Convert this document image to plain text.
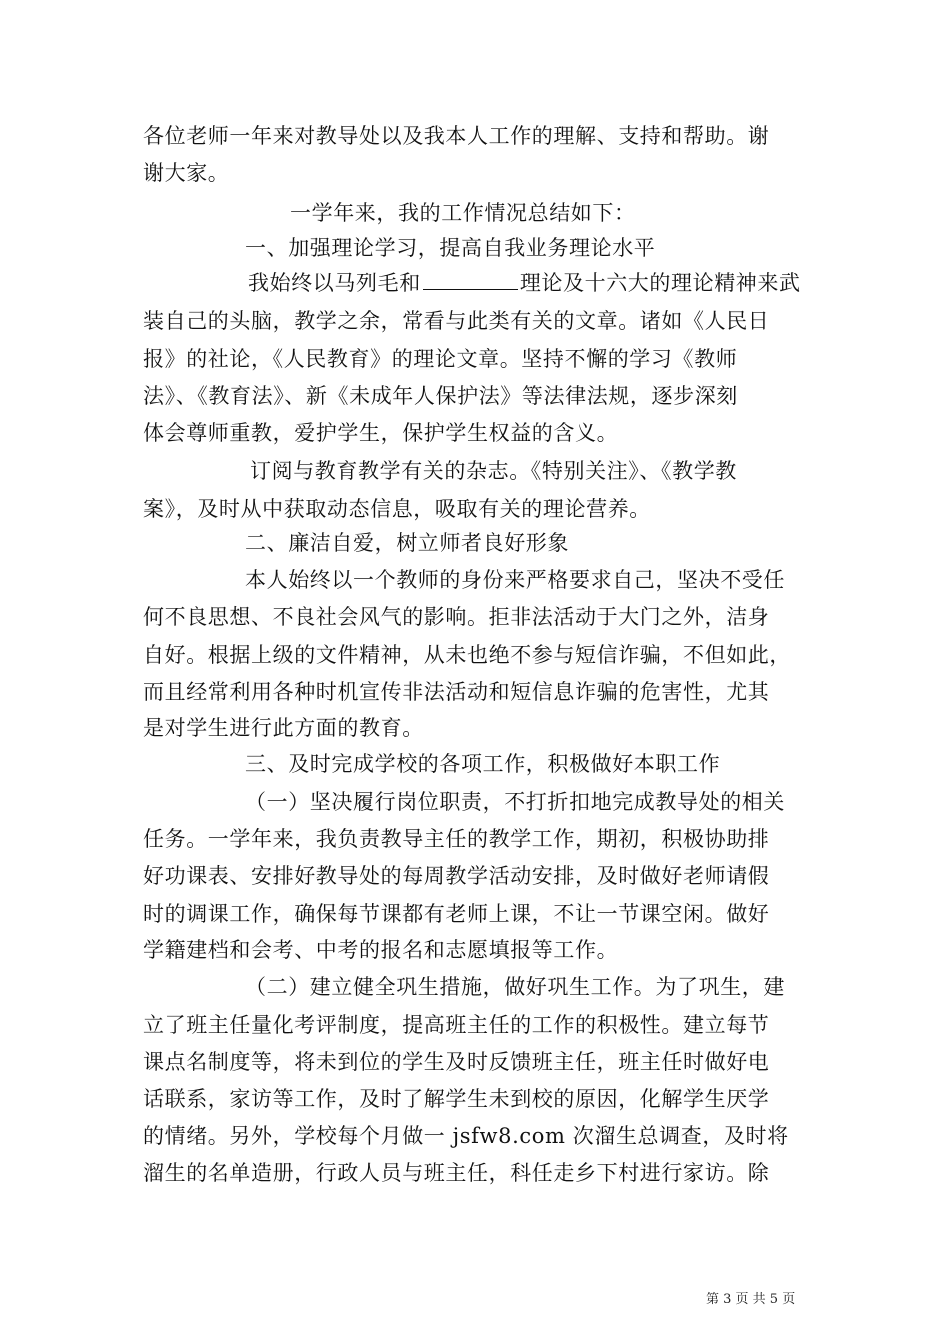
各位老师一年来对教导处以及我本人工作的理解、支持和帮助。谢
谢大家。
一学年来，我的工作情况总结如下：
一、加强理论学习，提高自我业务理论水平
我始终以马列毛和	理论及十六大的理论精神来武
装自己的头脑，教学之余，常看与此类有关的文章。诸如《人民日
报》的社论，《人民教育》的理论文章。坚持不懈的学习《教师
法》、《教育法》、新《未成年人保护法》等法律法规，逐步深刻
体会尊师重教，爱护学生，保护学生权益的含义。
订阅与教育教学有关的杂志。《特别关注》、《教学教
案》，及时从中获取动态信息，吸取有关的理论营养。
二、廉洁自爱，树立师者良好形象
本人始终以一个教师的身份来严格要求自己，坚决不受任
何不良思想、不良社会风气的影响。拒非法活动于大门之外，洁身
自好。根据上级的文件精神，从未也绝不参与短信诈骗，不但如此，
而且经常利用各种时机宣传非法活动和短信息诈骗的危害性，尤其
是对学生进行此方面的教育。
三、及时完成学校的各项工作，积极做好本职工作
（一）坚决履行岗位职责，不打折扣地完成教导处的相关
任务。一学年来，我负责教导主任的教学工作，期初，积极协助排
好功课表、安排好教导处的每周教学活动安排，及时做好老师请假
时的调课工作，确保每节课都有老师上课，不让一节课空闲。做好
学籍建档和会考、中考的报名和志愿填报等工作。
（二）建立健全巩生措施，做好巩生工作。为了巩生，建
立了班主任量化考评制度，提高班主任的工作的积极性。建立每节
课点名制度等，将未到位的学生及时反馈班主任，班主任时做好电
话联系，家访等工作，及时了解学生未到校的原因，化解学生厌学
的情绪。另外，学校每个月做一 jsfw8.com 次溜生总调查，及时将
溜生的名单造册，行政人员与班主任，科任走乡下村进行家访。除
第 3 页 共 5 页
